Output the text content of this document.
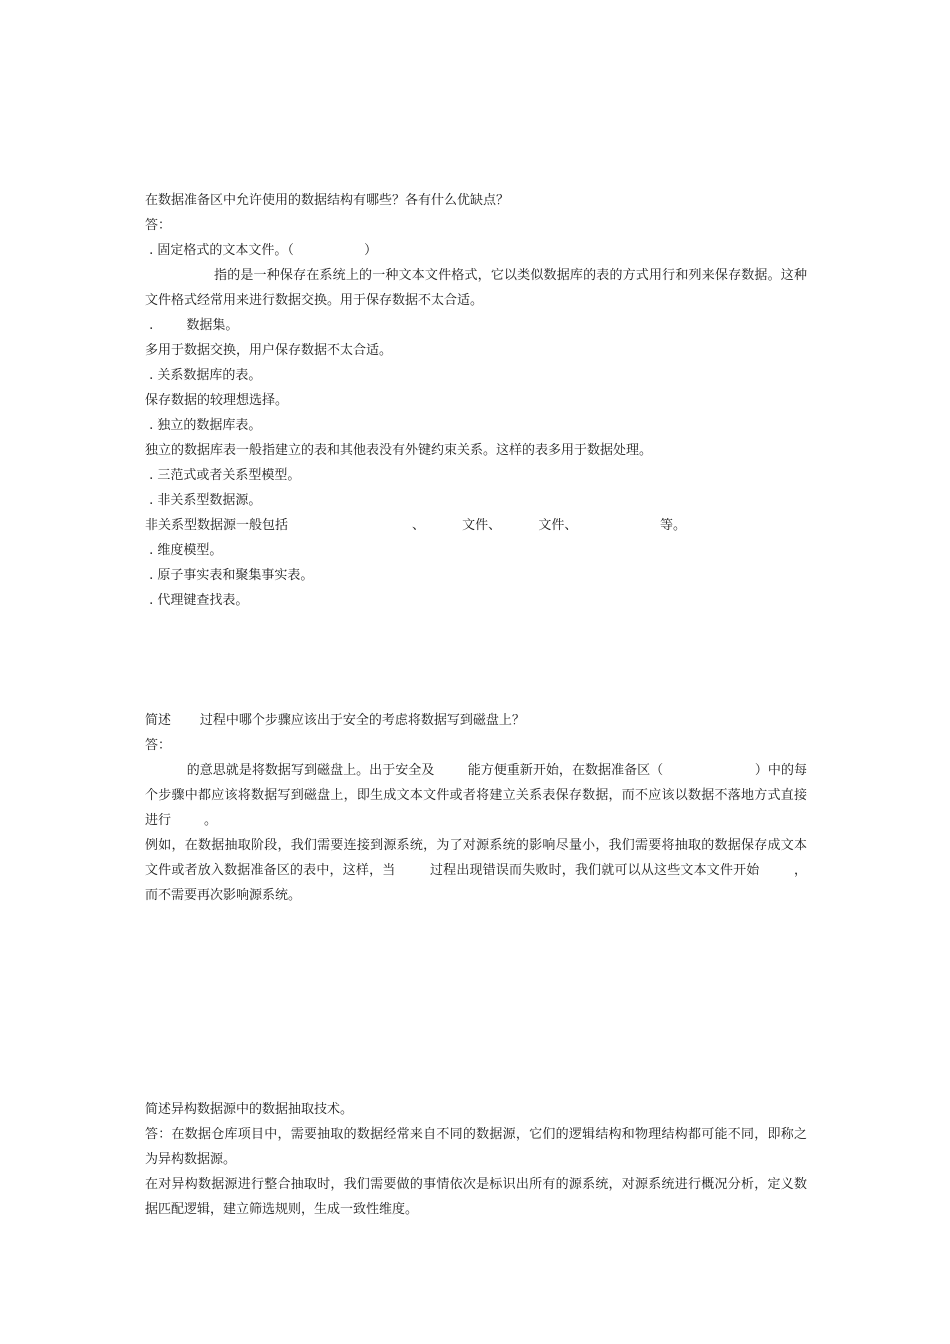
在数据准备区中允许使用的数据结构有哪些？各有什么优缺点？

答：

. 固定格式的文本文件。（                 ）

指的是一种保存在系统上的一种文本文件格式，它以类似数据库的表的方式用行和列来保存数据。这种文件格式经常用来进行数据交换。用于保存数据不太合适。

.        数据集。

多用于数据交换，用户保存数据不太合适。

. 关系数据库的表。

保存数据的较理想选择。

. 独立的数据库表。

独立的数据库表一般指建立的表和其他表没有外键约束关系。这样的表多用于数据处理。

. 三范式或者关系型模型。

. 非关系型数据源。

非关系型数据源一般包括                              、         文件、         文件、                    等。

. 维度模型。

. 原子事实表和聚集事实表。

. 代理键查找表。

简述       过程中哪个步骤应该出于安全的考虑将数据写到磁盘上？

答：

的意思就是将数据写到磁盘上。出于安全及        能方便重新开始，在数据准备区（                      ）中的每个步骤中都应该将数据写到磁盘上，即生成文本文件或者将建立关系表保存数据，而不应该以数据不落地方式直接进行        。

例如，在数据抽取阶段，我们需要连接到源系统，为了对源系统的影响尽量小，我们需要将抽取的数据保存成文本文件或者放入数据准备区的表中，这样，当        过程出现错误而失败时，我们就可以从这些文本文件开始        ，而不需要再次影响源系统。

简述异构数据源中的数据抽取技术。

答：在数据仓库项目中，需要抽取的数据经常来自不同的数据源，它们的逻辑结构和物理结构都可能不同，即称之为异构数据源。

在对异构数据源进行整合抽取时，我们需要做的事情依次是标识出所有的源系统，对源系统进行概况分析，定义数据匹配逻辑，建立筛选规则，生成一致性维度。
